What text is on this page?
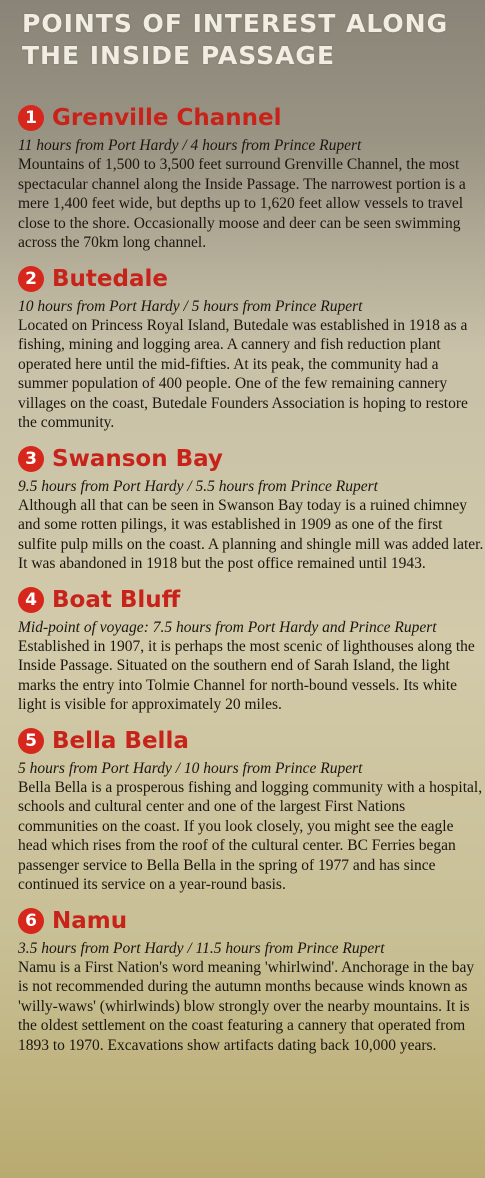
POINTS OF INTEREST ALONG
THE INSIDE PASSAGE
1 Grenville Channel
11 hours from Port Hardy / 4 hours from Prince Rupert
Mountains of 1,500 to 3,500 feet surround Grenville Channel, the most spectacular channel along the Inside Passage. The narrowest portion is a mere 1,400 feet wide, but depths up to 1,620 feet allow vessels to travel close to the shore. Occasionally moose and deer can be seen swimming across the 70km long channel.
2 Butedale
10 hours from Port Hardy / 5 hours from Prince Rupert
Located on Princess Royal Island, Butedale was established in 1918 as a fishing, mining and logging area. A cannery and fish reduction plant operated here until the mid-fifties. At its peak, the community had a summer population of 400 people. One of the few remaining cannery villages on the coast, Butedale Founders Association is hoping to restore the community.
3 Swanson Bay
9.5 hours from Port Hardy / 5.5 hours from Prince Rupert
Although all that can be seen in Swanson Bay today is a ruined chimney and some rotten pilings, it was established in 1909 as one of the first sulfite pulp mills on the coast. A planning and shingle mill was added later. It was abandoned in 1918 but the post office remained until 1943.
4 Boat Bluff
Mid-point of voyage: 7.5 hours from Port Hardy and Prince Rupert
Established in 1907, it is perhaps the most scenic of lighthouses along the Inside Passage. Situated on the southern end of Sarah Island, the light marks the entry into Tolmie Channel for north-bound vessels. Its white light is visible for approximately 20 miles.
5 Bella Bella
5 hours from Port Hardy / 10 hours from Prince Rupert
Bella Bella is a prosperous fishing and logging community with a hospital, schools and cultural center and one of the largest First Nations communities on the coast. If you look closely, you might see the eagle head which rises from the roof of the cultural center. BC Ferries began passenger service to Bella Bella in the spring of 1977 and has since continued its service on a year-round basis.
6 Namu
3.5 hours from Port Hardy / 11.5 hours from Prince Rupert
Namu is a First Nation's word meaning 'whirlwind'. Anchorage in the bay is not recommended during the autumn months because winds known as 'willy-waws' (whirlwinds) blow strongly over the nearby mountains. It is the oldest settlement on the coast featuring a cannery that operated from 1893 to 1970. Excavations show artifacts dating back 10,000 years.
